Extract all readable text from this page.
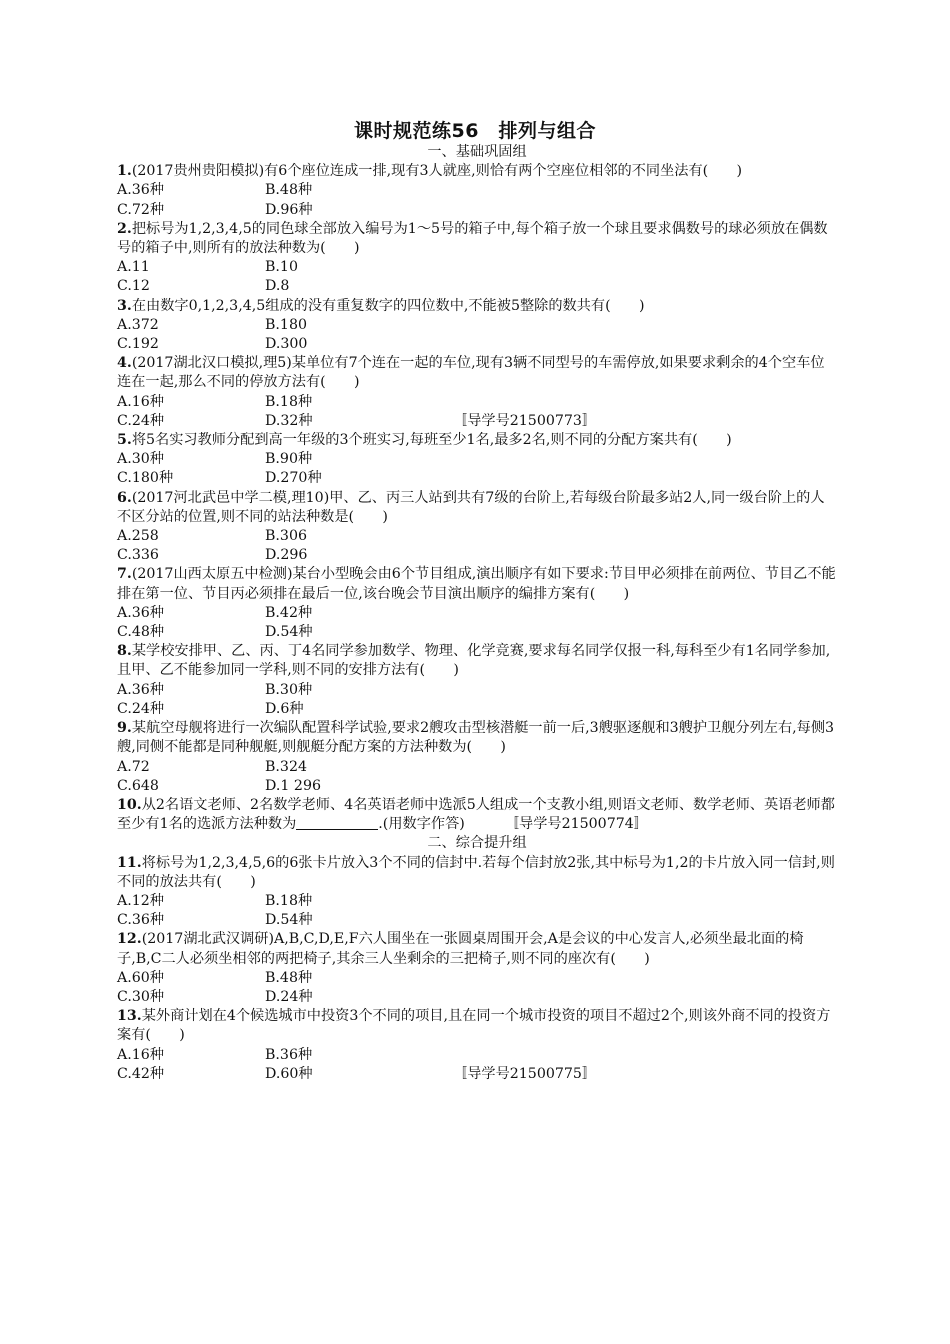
课时规范练56　排列与组合
一、基础巩固组
1.(2017贵州贵阳模拟)有6个座位连成一排,现有3人就座,则恰有两个空座位相邻的不同坐法有(　　)
A.36种	B.48种
C.72种	D.96种
2.把标号为1,2,3,4,5的同色球全部放入编号为1～5号的箱子中,每个箱子放一个球且要求偶数号的球必须放在偶数号的箱子中,则所有的放法种数为(　　)
A.11	B.10
C.12	D.8
3.在由数字0,1,2,3,4,5组成的没有重复数字的四位数中,不能被5整除的数共有(　　)
A.372	B.180
C.192	D.300
4.(2017湖北汉口模拟,理5)某单位有7个连在一起的车位,现有3辆不同型号的车需停放,如果要求剩余的4个空车位连在一起,那么不同的停放方法有(　　)
A.16种	B.18种
C.24种	D.32种	〚导学号21500773〛
5.将5名实习教师分配到高一年级的3个班实习,每班至少1名,最多2名,则不同的分配方案共有(　　)
A.30种	B.90种
C.180种	D.270种
6.(2017河北武邑中学二模,理10)甲、乙、丙三人站到共有7级的台阶上,若每级台阶最多站2人,同一级台阶上的人不区分站的位置,则不同的站法种数是(　　)
A.258	B.306
C.336	D.296
7.(2017山西太原五中检测)某台小型晚会由6个节目组成,演出顺序有如下要求:节目甲必须排在前两位、节目乙不能排在第一位、节目丙必须排在最后一位,该台晚会节目演出顺序的编排方案有(　　)
A.36种	B.42种
C.48种	D.54种
8.某学校安排甲、乙、丙、丁4名同学参加数学、物理、化学竞赛,要求每名同学仅报一科,每科至少有1名同学参加,且甲、乙不能参加同一学科,则不同的安排方法有(　　)
A.36种	B.30种
C.24种	D.6种
9.某航空母舰将进行一次编队配置科学试验,要求2艘攻击型核潜艇一前一后,3艘驱逐舰和3艘护卫舰分列左右,每侧3艘,同侧不能都是同种舰艇,则舰艇分配方案的方法种数为(　　)
A.72	B.324
C.648	D.1 296
10.从2名语文老师、2名数学老师、4名英语老师中选派5人组成一个支教小组,则语文老师、数学老师、英语老师都至少有1名的选派方法种数为	.(用数字作答)	〚导学号21500774〛
二、综合提升组
11.将标号为1,2,3,4,5,6的6张卡片放入3个不同的信封中.若每个信封放2张,其中标号为1,2的卡片放入同一信封,则不同的放法共有(　　)
A.12种	B.18种
C.36种	D.54种
12.(2017湖北武汉调研)A,B,C,D,E,F六人围坐在一张圆桌周围开会,A是会议的中心发言人,必须坐最北面的椅子,B,C二人必须坐相邻的两把椅子,其余三人坐剩余的三把椅子,则不同的座次有(　　)
A.60种	B.48种
C.30种	D.24种
13.某外商计划在4个候选城市中投资3个不同的项目,且在同一个城市投资的项目不超过2个,则该外商不同的投资方案有(　　)
A.16种	B.36种
C.42种	D.60种	〚导学号21500775〛
